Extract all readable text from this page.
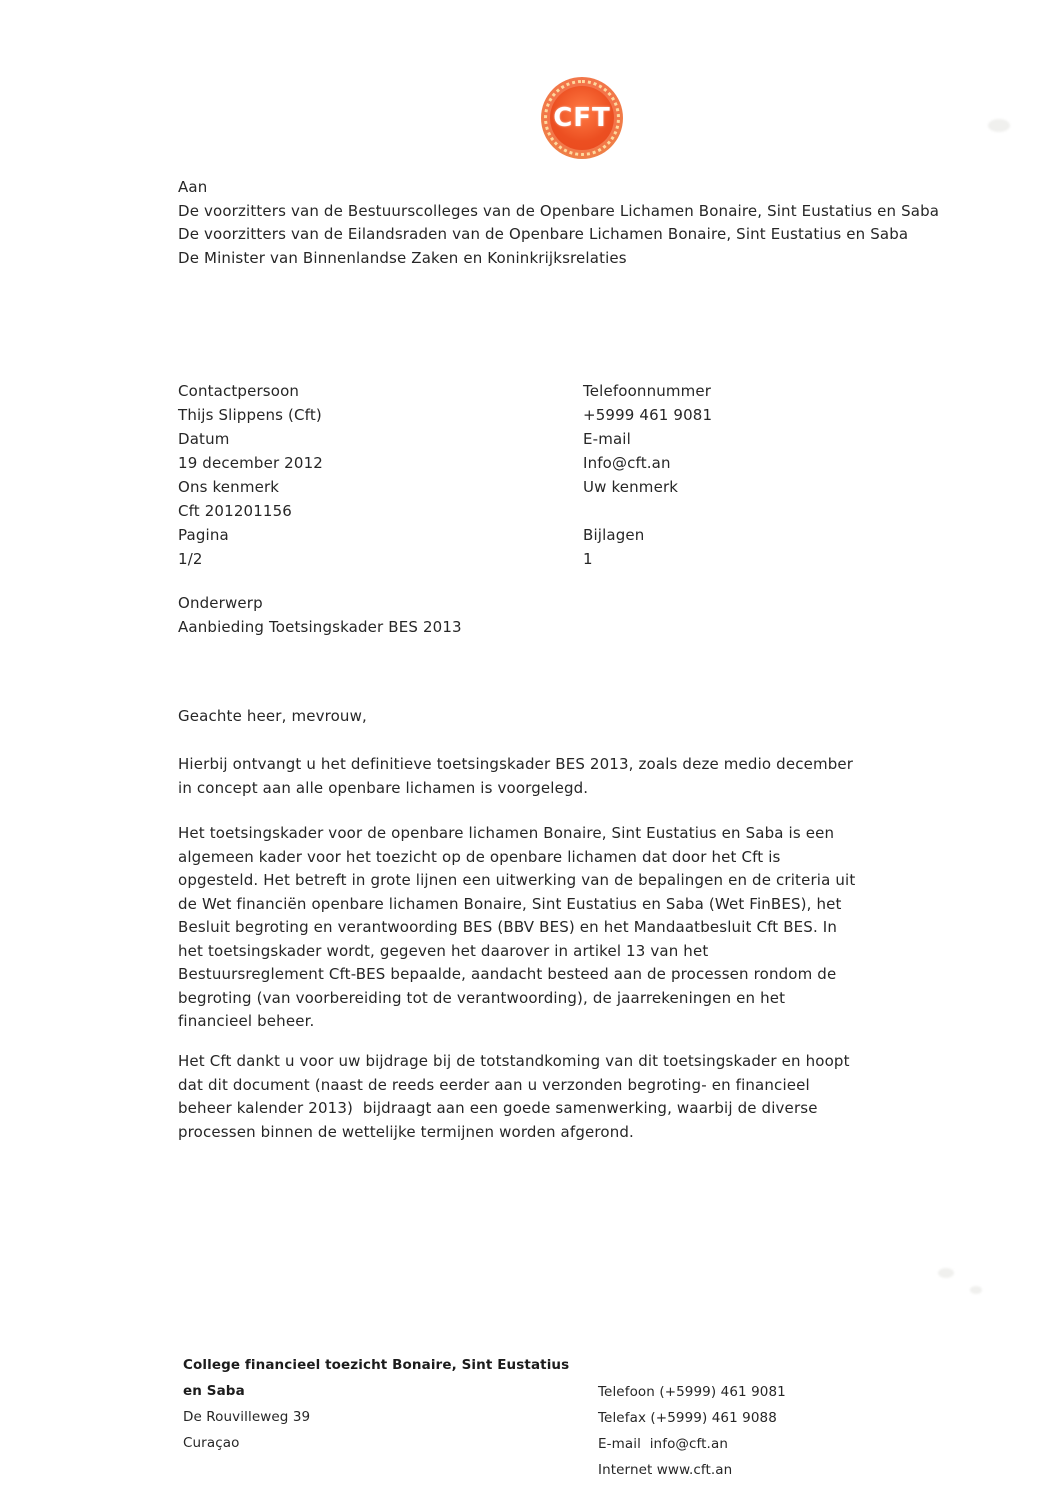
CFT
Aan
De voorzitters van de Bestuurscolleges van de Openbare Lichamen Bonaire, Sint Eustatius en Saba
De voorzitters van de Eilandsraden van de Openbare Lichamen Bonaire, Sint Eustatius en Saba
De Minister van Binnenlandse Zaken en Koninkrijksrelaties
Contactpersoon
Thijs Slippens (Cft)
Datum
19 december 2012
Ons kenmerk
Cft 201201156
Pagina
1/2
Telefoonnummer
+5999 461 9081
E-mail
Info@cft.an
Uw kenmerk

Bijlagen
1
Onderwerp
Aanbieding Toetsingskader BES 2013
Geachte heer, mevrouw,
Hierbij ontvangt u het definitieve toetsingskader BES 2013, zoals deze medio december
in concept aan alle openbare lichamen is voorgelegd.
Het toetsingskader voor de openbare lichamen Bonaire, Sint Eustatius en Saba is een
algemeen kader voor het toezicht op de openbare lichamen dat door het Cft is
opgesteld. Het betreft in grote lijnen een uitwerking van de bepalingen en de criteria uit
de Wet financiën openbare lichamen Bonaire, Sint Eustatius en Saba (Wet FinBES), het
Besluit begroting en verantwoording BES (BBV BES) en het Mandaatbesluit Cft BES. In
het toetsingskader wordt, gegeven het daarover in artikel 13 van het
Bestuursreglement Cft-BES bepaalde, aandacht besteed aan de processen rondom de
begroting (van voorbereiding tot de verantwoording), de jaarrekeningen en het
financieel beheer.
Het Cft dankt u voor uw bijdrage bij de totstandkoming van dit toetsingskader en hoopt
dat dit document (naast de reeds eerder aan u verzonden begroting- en financieel
beheer kalender 2013)  bijdraagt aan een goede samenwerking, waarbij de diverse
processen binnen de wettelijke termijnen worden afgerond.
College financieel toezicht Bonaire, Sint Eustatius
en Saba
De Rouvilleweg 39
Curaçao
Telefoon (+5999) 461 9081
Telefax (+5999) 461 9088
E-mail  info@cft.an
Internet www.cft.an
